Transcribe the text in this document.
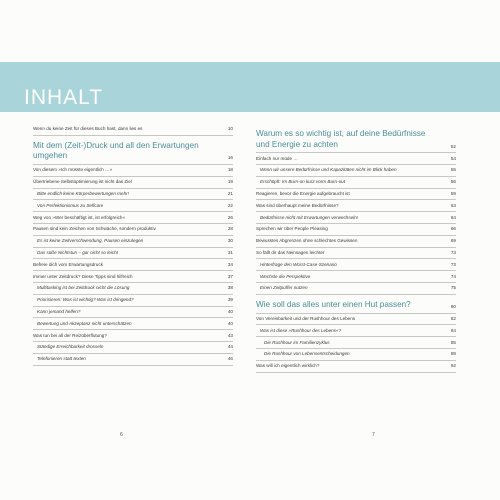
INHALT
Wenn du keine Zeit für dieses Buch hast, dann lies es	10
Mit dem (Zeit-)Druck und all den Erwartungen umgehen	16
Von diesem »Ich müsste eigentlich …«	18
Übertriebene Selbstoptimierung ist nicht das Ziel	19
Bitte endlich keine Körperbewertungen mehr!	21
Von Perfektionismus zu Selfcare	22
Weg von »Wer beschäftigt ist, ist erfolgreich«	26
Pausen sind kein Zeichen von Schwäche, sondern produktiv	28
Es ist keine Zeitverschwendung, Pausen einzulegen	30
Das süße Nichtstun – gar nicht so leicht	31
Befreie dich vom Erwartungsdruck	34
Immer unter Zeitdruck? Diese Tipps sind hilfreich	37
Multitasking ist bei Zeitdruck nicht die Lösung	38
Priorisieren: Was ist wichtig? Was ist dringend?	39
Kann jemand helfen?	40
Bewertung und Akzeptanz nicht unterschätzen	40
Was tun bei all der Reizüberflutung?	43
Ständige Erreichbarkeit drosseln	44
Telefonieren statt texten	46
Warum es so wichtig ist, auf deine Bedürfnisse und Energie zu achten	52
Einfach nur müde …	54
Wenn wir unsere Bedürfnisse und Kapazitäten nicht im Blick haben	55
Erschöpft: Im Burn-on kurz vorm Burn-out	56
Reagieren, bevor die Energie aufgebraucht ist	59
Was sind überhaupt meine Bedürfnisse?	63
Bedürfnisse nicht mit Erwartungen verwechseln!	64
Sprechen wir über People Pleasing	66
Bewusstes Abgrenzen ohne schlechtes Gewissen	69
So fällt dir das Neinsagen leichter	73
Hinterfrage den Worst-Case-Szenario	73
Wechsle die Perspektive	74
Einen Zeitpuffer nutzen	75
Wie soll das alles unter einen Hut passen?	80
Von Vereinbarkeit und der Rushhour des Lebens	82
Was ist diese »Rushhour des Lebens«?	84
Die Rushhour im Familienzyklus	85
Die Rushhour von Lebensentscheidungen	89
Was will ich eigentlich wirklich?	92
6	7
